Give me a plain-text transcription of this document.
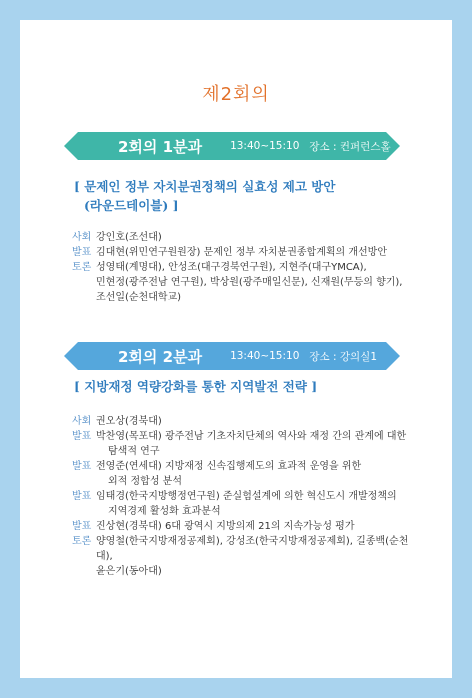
제2회의
2회의 1분과	13:40~15:10 장소 : 컨퍼런스홀
[ 문제인 정부 자치분권정책의 실효성 제고 방안
(라운드테이블) ]
사회 강인호(조선대)
발표 김대현(위민연구원원장) 문제인 정부 자치분권종합계획의 개선방안
토론 성영태(계명대), 안성조(대구경북연구원), 지현주(대구YMCA),
민현정(광주전남 연구원), 박상원(광주매일신문), 신재원(무등의 향기),
조선일(순천대학교)
2회의 2분과	13:40~15:10 장소 : 강의실1
[ 지방재정 역량강화를 통한 지역발전 전략 ]
사회 권오상(경북대)
발표 박찬영(목포대) 광주전남 기초자치단체의 역사와 재정 간의 관계에 대한
탐색적 연구
발표 전영준(연세대) 지방재정 신속집행제도의 효과적 운영을 위한
외적 정합성 분석
발표 임태경(한국지방행정연구원) 준실험설계에 의한 혁신도시 개발정책의
지역경제 활성화 효과분석
발표 진상현(경북대) 6대 광역시 지방의제 21의 지속가능성 평가
토론 양영철(한국지방재정공제회), 강성조(한국지방재정공제회), 길종백(순천대),
윤은기(동아대)
